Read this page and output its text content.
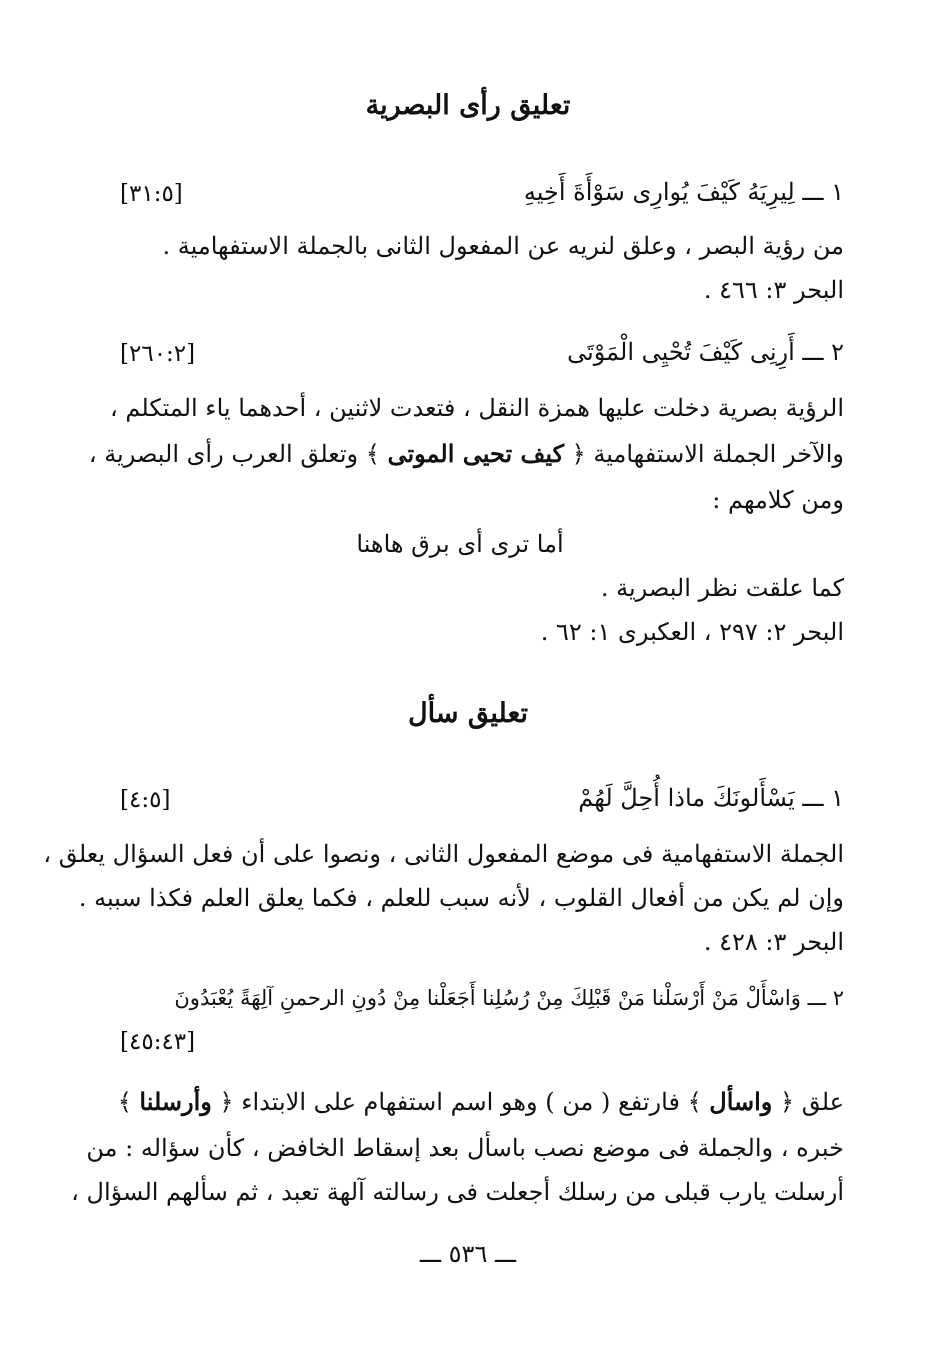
تعليق رأى البصرية
١ ـــ لِيرِيَهُ كَيْفَ يُوارِى سَوْأَةَ أَخِيهِ
[٣١:٥]
من رؤية البصر ، وعلق لنريه عن المفعول الثانى بالجملة الاستفهامية .
البحر ٣: ٤٦٦ .
٢ ـــ أَرِنِى كَيْفَ تُحْيِى الْمَوْتَى
[٢٦٠:٢]
الرؤية بصرية دخلت عليها همزة النقل ، فتعدت لاثنين ، أحدهما ياء المتكلم ،
والآخر الجملة الاستفهامية ﴿ كيف تحيى الموتى ﴾ وتعلق العرب رأى البصرية ،
ومن كلامهم :
أما ترى أى برق هاهنا
كما علقت نظر البصرية .
البحر ٢: ٢٩٧ ، العكبرى ١: ٦٢ .
تعليق سأل
١ ـــ يَسْأَلونَكَ ماذا أُحِلَّ لَهُمْ
[٤:٥]
الجملة الاستفهامية فى موضع المفعول الثانى ، ونصوا على أن فعل السؤال يعلق ،
وإن لم يكن من أفعال القلوب ، لأنه سبب للعلم ، فكما يعلق العلم فكذا سببه .
البحر ٣: ٤٢٨ .
٢ ـــ وَاسْأَلْ مَنْ أَرْسَلْنا مَنْ قَبْلِكَ مِنْ رُسُلِنا أَجَعَلْنا مِنْ دُونِ الرحمنِ آلِهَةً يُعْبَدُونَ
[٤٥:٤٣]
علق ﴿ واسأل ﴾ فارتفع ( من ) وهو اسم استفهام على الابتداء ﴿ وأرسلنا ﴾
خبره ، والجملة فى موضع نصب باسأل بعد إسقاط الخافض ، كأن سؤاله : من
أرسلت يارب قبلى من رسلك أجعلت فى رسالته آلهة تعبد ، ثم سألهم السؤال ،
ـــ ٥٣٦ ـــ
